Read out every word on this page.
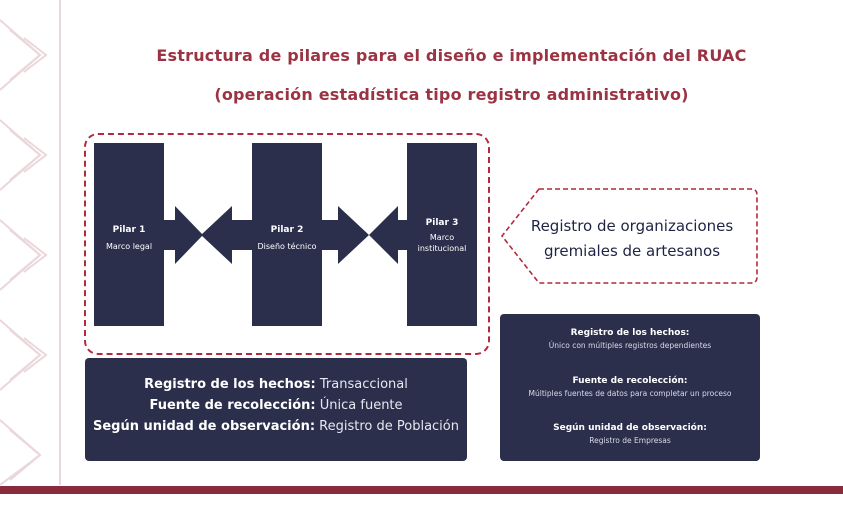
Estructura de pilares para el diseño e implementación del RUAC
(operación estadística tipo registro administrativo)
Pilar 1
Marco legal
Pilar 2
Diseño técnico
Pilar 3
Marco
institucional
Registro de organizaciones
gremiales de artesanos
Registro de los hechos: Transaccional
Fuente de recolección: Única fuente
Según unidad de observación: Registro de Población
Registro de los hechos:
Único con múltiples registros dependientes
Fuente de recolección:
Múltiples fuentes de datos para completar un proceso
Según unidad de observación:
Registro de Empresas
